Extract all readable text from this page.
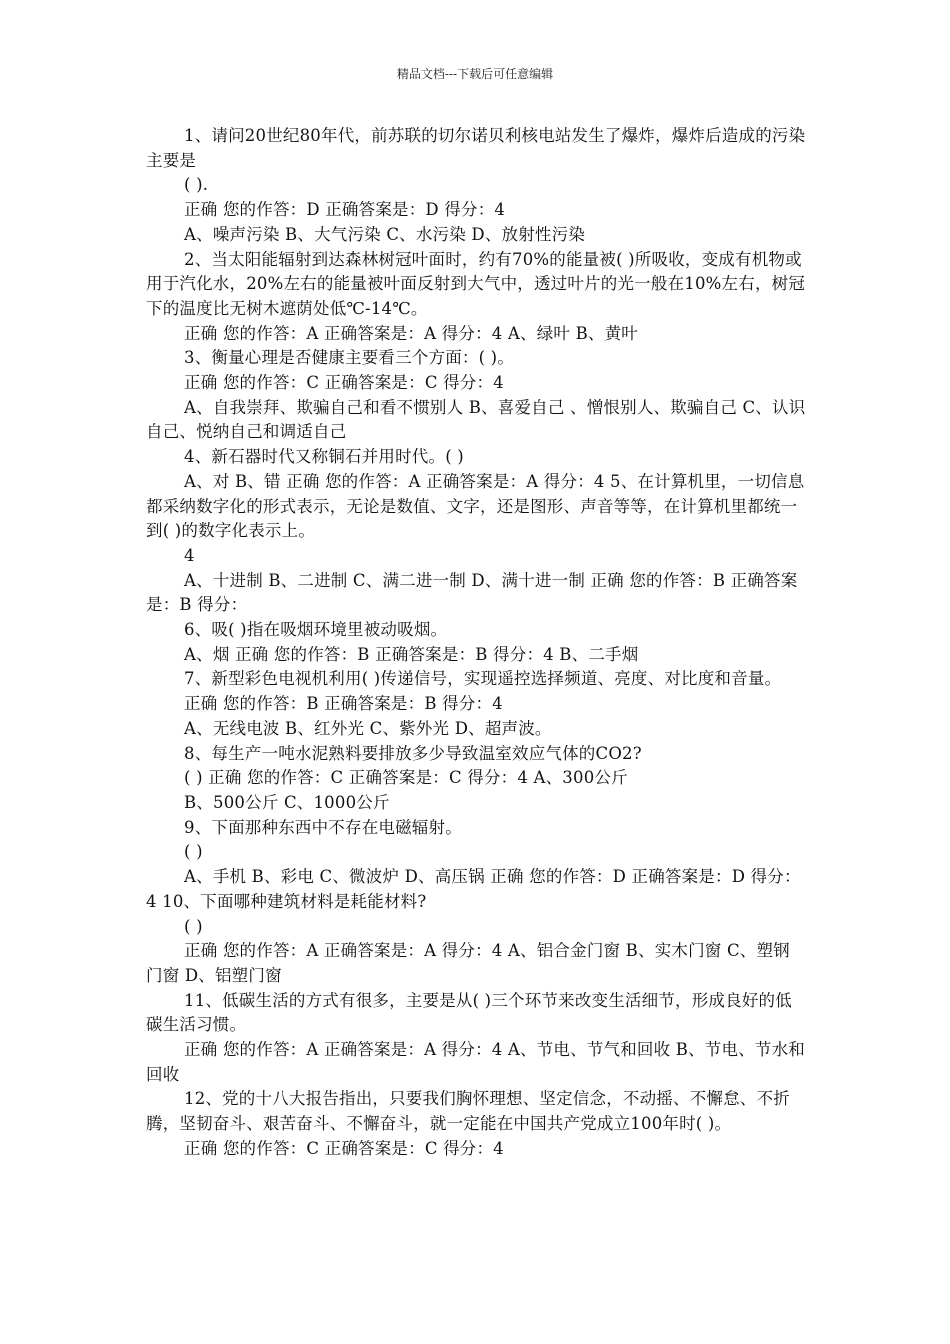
精品文档---下载后可任意编辑

1、请问20世纪80年代，前苏联的切尔诺贝利核电站发生了爆炸，爆炸后造成的污染主要是

( ).

正确 您的作答：D 正确答案是：D 得分：4

A、噪声污染 B、大气污染 C、水污染 D、放射性污染

2、当太阳能辐射到达森林树冠叶面时，约有70%的能量被( )所吸收，变成有机物或用于汽化水，20%左右的能量被叶面反射到大气中，透过叶片的光一般在10%左右，树冠下的温度比无树木遮荫处低℃-14℃。

正确 您的作答：A 正确答案是：A 得分：4 A、绿叶 B、黄叶

3、衡量心理是否健康主要看三个方面：( )。

正确 您的作答：C 正确答案是：C 得分：4

A、自我崇拜、欺骗自己和看不惯别人 B、喜爱自己 、憎恨别人、欺骗自己 C、认识自己、悦纳自己和调适自己

4、新石器时代又称铜石并用时代。( )

A、对 B、错 正确 您的作答：A 正确答案是：A 得分：4 5、在计算机里，一切信息都采纳数字化的形式表示，无论是数值、文字，还是图形、声音等等，在计算机里都统一到( )的数字化表示上。

4

A、十进制 B、二进制 C、满二进一制 D、满十进一制 正确 您的作答：B 正确答案是：B 得分：

6、吸( )指在吸烟环境里被动吸烟。

A、烟 正确 您的作答：B 正确答案是：B 得分：4 B、二手烟

7、新型彩色电视机利用( )传递信号，实现遥控选择频道、亮度、对比度和音量。

正确 您的作答：B 正确答案是：B 得分：4

A、无线电波 B、红外光 C、紫外光 D、超声波。

8、每生产一吨水泥熟料要排放多少导致温室效应气体的CO2?

( ) 正确 您的作答：C 正确答案是：C 得分：4 A、300公斤

B、500公斤 C、1000公斤

9、下面那种东西中不存在电磁辐射。

( )

A、手机 B、彩电 C、微波炉 D、高压锅 正确 您的作答：D 正确答案是：D 得分：4 10、下面哪种建筑材料是耗能材料?

( )

正确 您的作答：A 正确答案是：A 得分：4 A、铝合金门窗 B、实木门窗 C、塑钢门窗 D、铝塑门窗

11、低碳生活的方式有很多，主要是从( )三个环节来改变生活细节，形成良好的低碳生活习惯。

正确 您的作答：A 正确答案是：A 得分：4 A、节电、节气和回收 B、节电、节水和回收

12、党的十八大报告指出，只要我们胸怀理想、坚定信念，不动摇、不懈怠、不折腾，坚韧奋斗、艰苦奋斗、不懈奋斗，就一定能在中国共产党成立100年时( )。

正确 您的作答：C 正确答案是：C 得分：4
